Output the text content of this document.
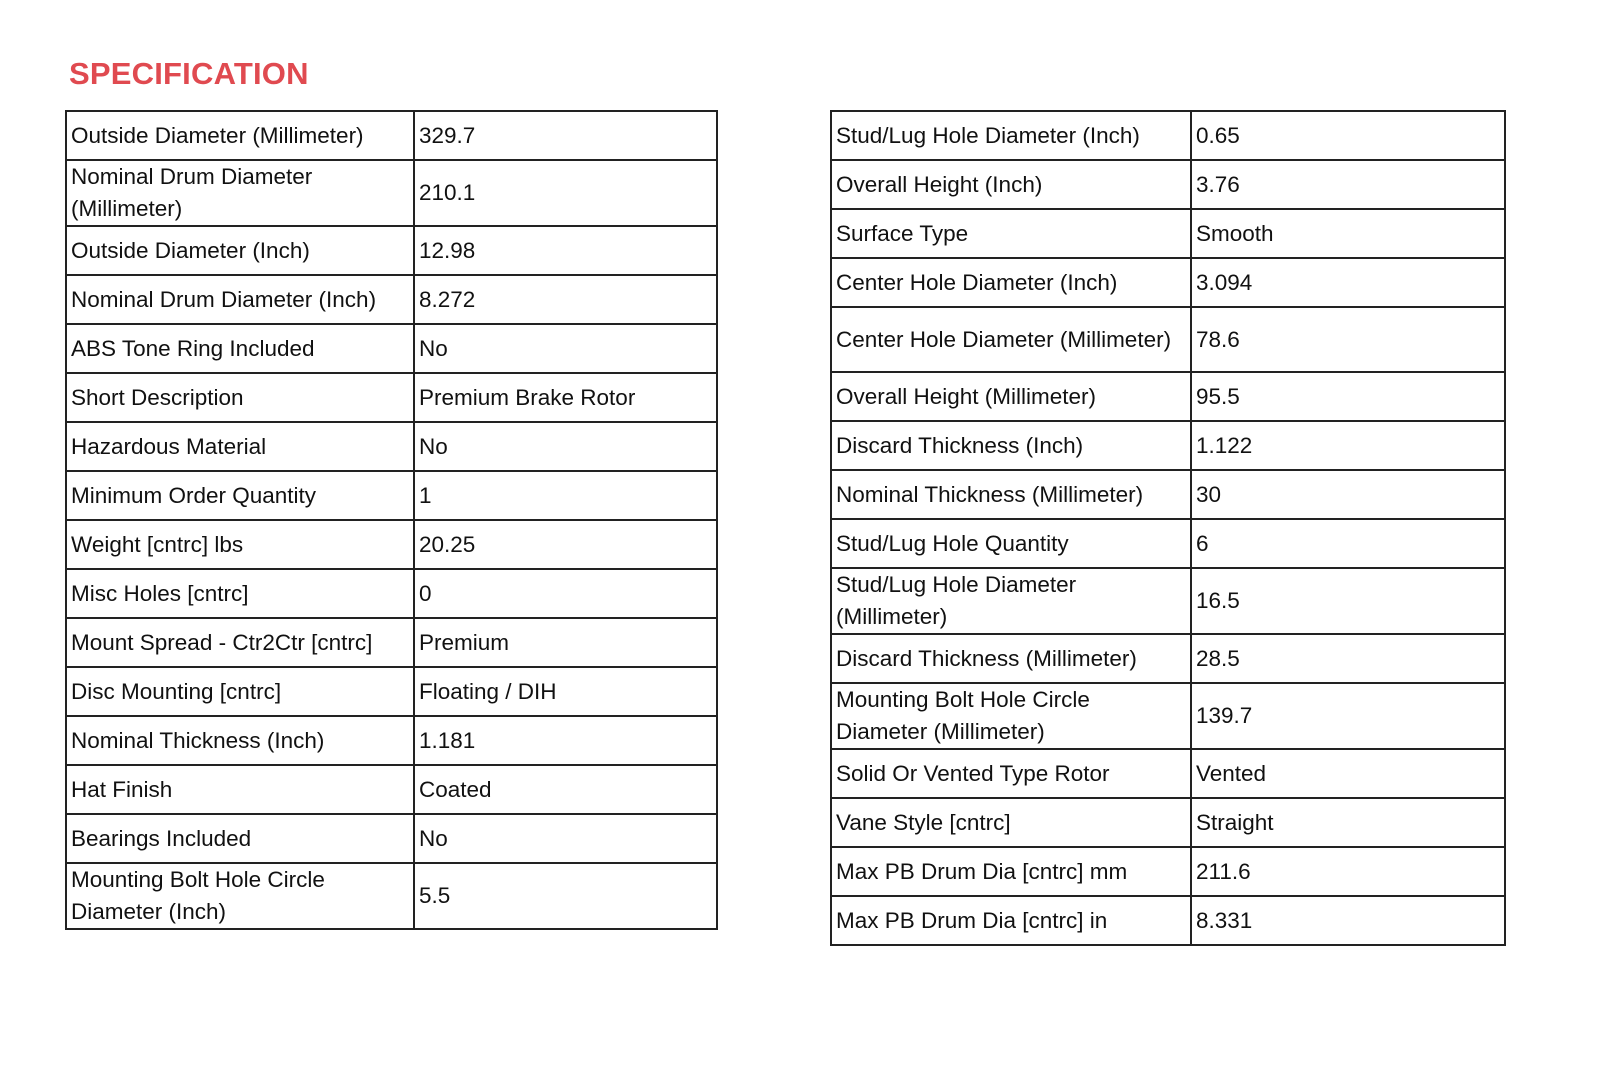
SPECIFICATION
Outside Diameter (Millimeter)	329.7
Nominal Drum Diameter (Millimeter)	210.1
Outside Diameter (Inch)	12.98
Nominal Drum Diameter (Inch)	8.272
ABS Tone Ring Included	No
Short Description	Premium Brake Rotor
Hazardous Material	No
Minimum Order Quantity	1
Weight [cntrc] lbs	20.25
Misc Holes [cntrc]	0
Mount Spread - Ctr2Ctr [cntrc]	Premium
Disc Mounting [cntrc]	Floating / DIH
Nominal Thickness (Inch)	1.181
Hat Finish	Coated
Bearings Included	No
Mounting Bolt Hole Circle Diameter (Inch)	5.5
Stud/Lug Hole Diameter (Inch)	0.65
Overall Height (Inch)	3.76
Surface Type	Smooth
Center Hole Diameter (Inch)	3.094
Center Hole Diameter (Millimeter)	78.6
Overall Height (Millimeter)	95.5
Discard Thickness (Inch)	1.122
Nominal Thickness (Millimeter)	30
Stud/Lug Hole Quantity	6
Stud/Lug Hole Diameter (Millimeter)	16.5
Discard Thickness (Millimeter)	28.5
Mounting Bolt Hole Circle Diameter (Millimeter)	139.7
Solid Or Vented Type Rotor	Vented
Vane Style [cntrc]	Straight
Max PB Drum Dia [cntrc] mm	211.6
Max PB Drum Dia [cntrc] in	8.331
